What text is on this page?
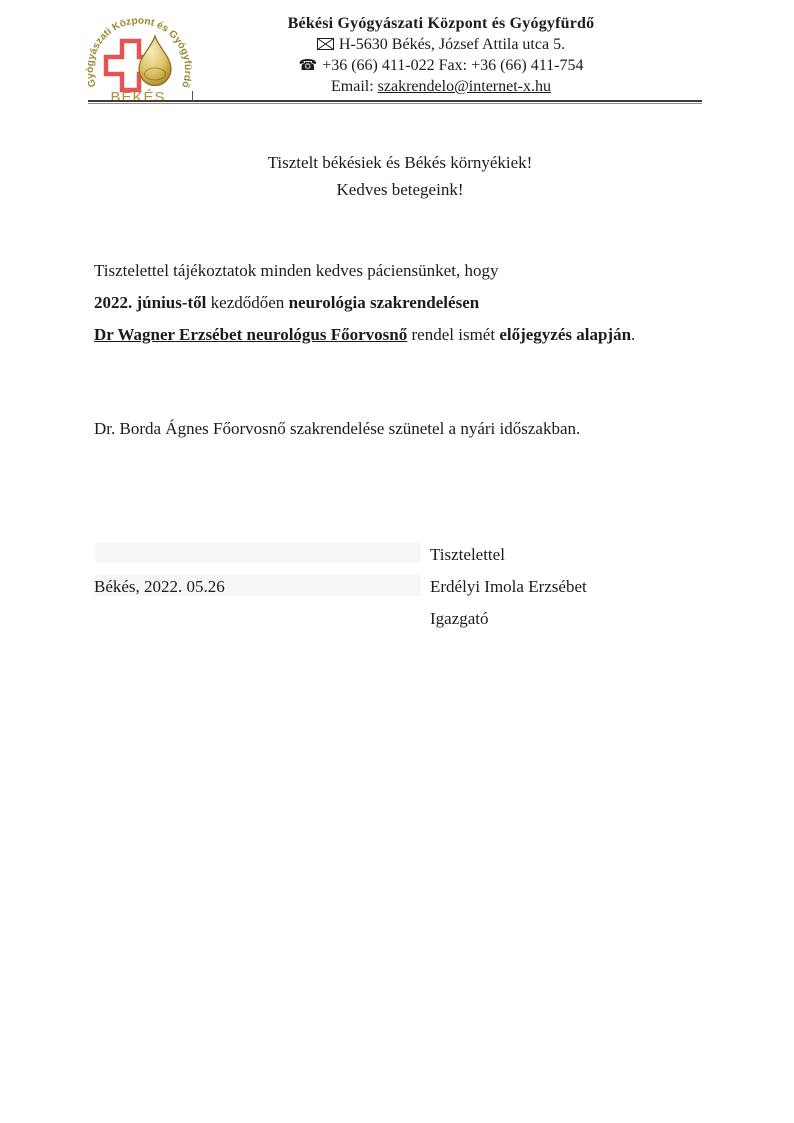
Gyógyászati Központ és Gyógyfürdő
BÉKÉS
Békési Gyógyászati Központ és Gyógyfürdő
H-5630 Békés, József Attila utca 5.
☎ +36 (66) 411-022 Fax: +36 (66) 411-754
Email: szakrendelo@internet-x.hu
Tisztelt békésiek és Békés környékiek!
Kedves betegeink!
Tisztelettel tájékoztatok minden kedves páciensünket, hogy
2022. június-től kezdődően neurológia szakrendelésen
Dr Wagner Erzsébet neurológus Főorvosnő rendel ismét előjegyzés alapján.
Dr. Borda Ágnes Főorvosnő szakrendelése szünetel a nyári időszakban.
Tisztelettel
Békés, 2022. 05.26	Erdélyi Imola Erzsébet
Igazgató
